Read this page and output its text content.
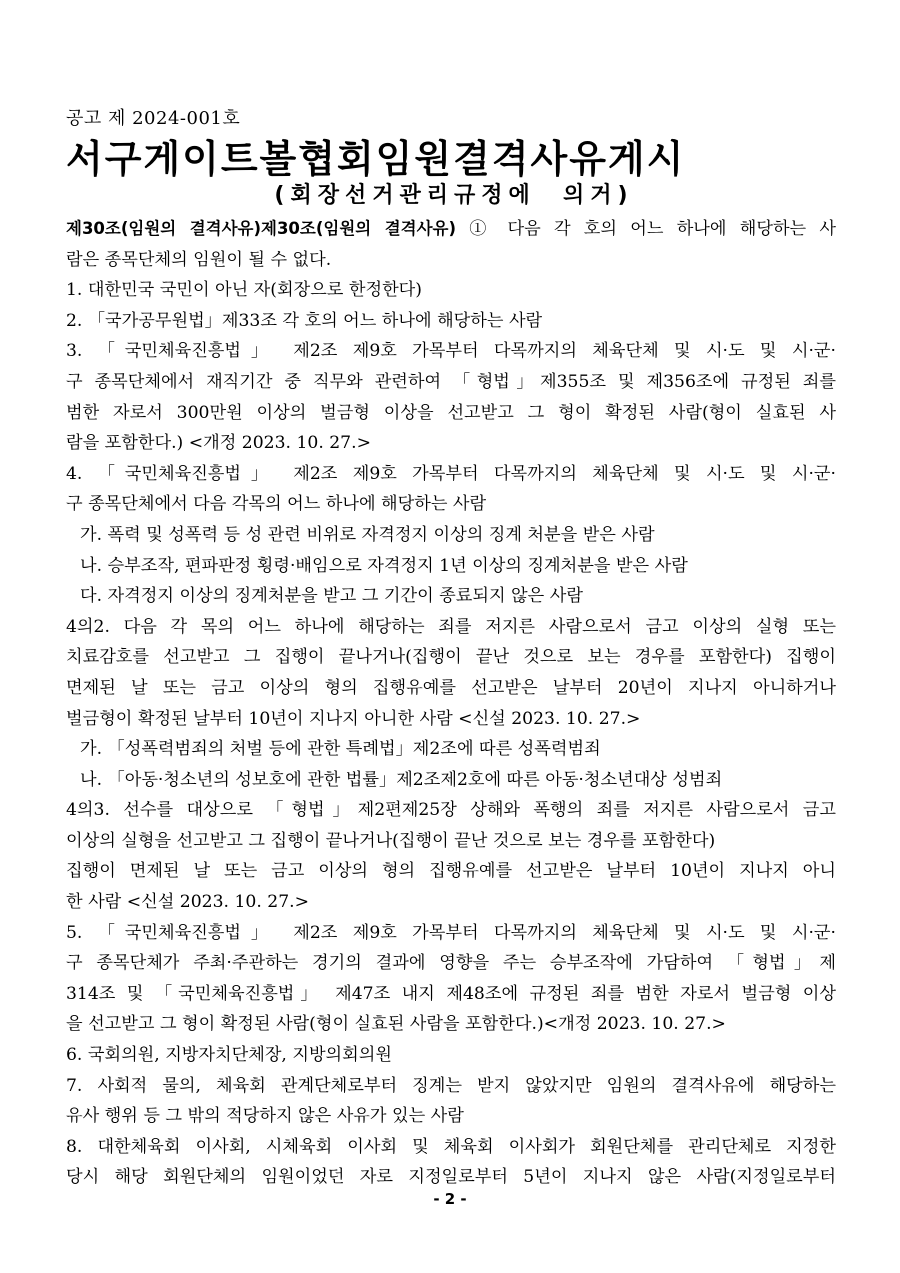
공고 제 2024-001호
서구게이트볼협회임원결격사유게시
(회장선거관리규정에  의거)
제30조(임원의 결격사유)제30조(임원의 결격사유) ① 다음 각 호의 어느 하나에 해당하는 사
람은 종목단체의 임원이 될 수 없다.
1. 대한민국 국민이 아닌 자(회장으로 한정한다)
2. 「국가공무원법」제33조 각 호의 어느 하나에 해당하는 사람
3. 「국민체육진흥법」 제2조 제9호 가목부터 다목까지의 체육단체 및 시·도 및 시·군·
구 종목단체에서 재직기간 중 직무와 관련하여 「형법」제355조 및 제356조에 규정된 죄를
범한 자로서 300만원 이상의 벌금형 이상을 선고받고 그 형이 확정된 사람(형이 실효된 사
람을 포함한다.) <개정 2023. 10. 27.>
4. 「국민체육진흥법」 제2조 제9호 가목부터 다목까지의 체육단체 및 시·도 및 시·군·
구 종목단체에서 다음 각목의 어느 하나에 해당하는 사람
가. 폭력 및 성폭력 등 성 관련 비위로 자격정지 이상의 징계 처분을 받은 사람
나. 승부조작, 편파판정 횡령·배임으로 자격정지 1년 이상의 징계처분을 받은 사람
다. 자격정지 이상의 징계처분을 받고 그 기간이 종료되지 않은 사람
4의2. 다음 각 목의 어느 하나에 해당하는 죄를 저지른 사람으로서 금고 이상의 실형 또는
치료감호를 선고받고 그 집행이 끝나거나(집행이 끝난 것으로 보는 경우를 포함한다) 집행이
면제된 날 또는 금고 이상의 형의 집행유예를 선고받은 날부터 20년이 지나지 아니하거나
벌금형이 확정된 날부터 10년이 지나지 아니한 사람 <신설 2023. 10. 27.>
가. 「성폭력범죄의 처벌 등에 관한 특례법」제2조에 따른 성폭력범죄
나. 「아동·청소년의 성보호에 관한 법률」제2조제2호에 따른 아동·청소년대상 성범죄
4의3. 선수를 대상으로 「형법」제2편제25장 상해와 폭행의 죄를 저지른 사람으로서 금고
이상의 실형을 선고받고 그 집행이 끝나거나(집행이 끝난 것으로 보는 경우를 포함한다)
집행이 면제된 날 또는 금고 이상의 형의 집행유예를 선고받은 날부터 10년이 지나지 아니
한 사람 <신설 2023. 10. 27.>
5. 「국민체육진흥법」 제2조 제9호 가목부터 다목까지의 체육단체 및 시·도 및 시·군·
구 종목단체가 주최·주관하는 경기의 결과에 영향을 주는 승부조작에 가담하여 「형법」제
314조 및 「국민체육진흥법」 제47조 내지 제48조에 규정된 죄를 범한 자로서 벌금형 이상
을 선고받고 그 형이 확정된 사람(형이 실효된 사람을 포함한다.)<개정 2023. 10. 27.>
6. 국회의원, 지방자치단체장, 지방의회의원
7. 사회적 물의, 체육회 관계단체로부터 징계는 받지 않았지만 임원의 결격사유에 해당하는
유사 행위 등 그 밖의 적당하지 않은 사유가 있는 사람
8. 대한체육회 이사회, 시체육회 이사회 및 체육회 이사회가 회원단체를 관리단체로 지정한
당시 해당 회원단체의 임원이었던 자로 지정일로부터 5년이 지나지 않은 사람(지정일로부터
- 2 -
